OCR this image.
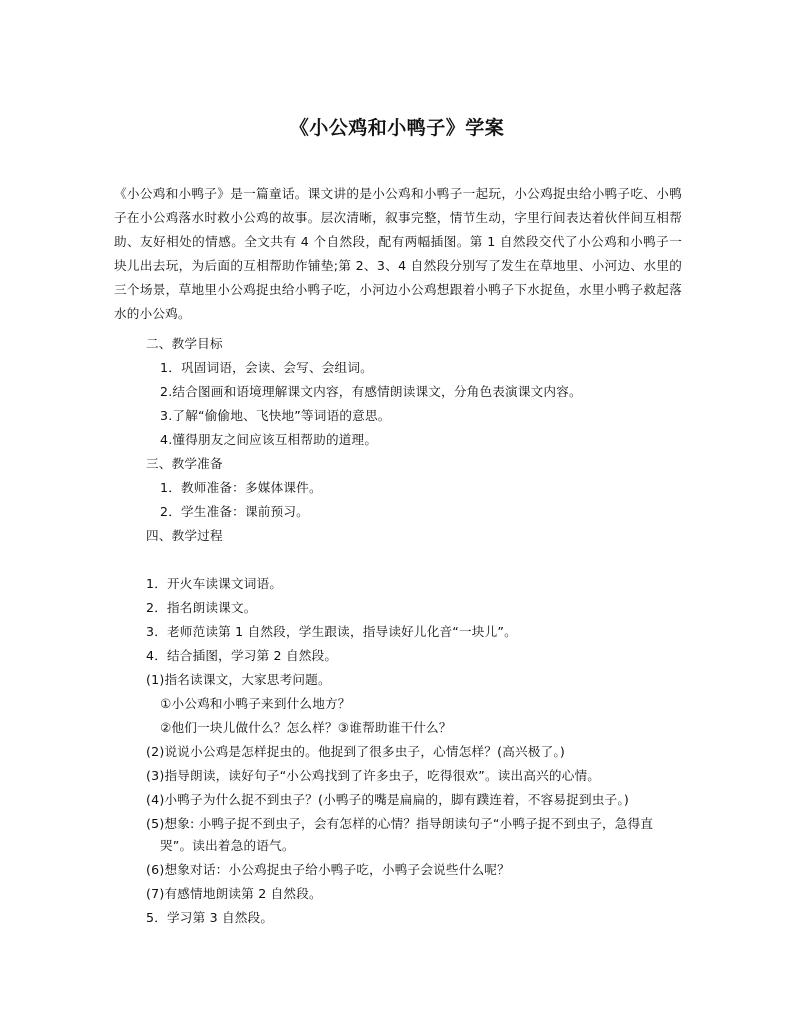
《小公鸡和小鸭子》学案
《小公鸡和小鸭子》是一篇童话。课文讲的是小公鸡和小鸭子一起玩，小公鸡捉虫给小鸭子吃、小鸭子在小公鸡落水时救小公鸡的故事。层次清晰，叙事完整，情节生动，字里行间表达着伙伴间互相帮助、友好相处的情感。全文共有 4 个自然段，配有两幅插图。第 1 自然段交代了小公鸡和小鸭子一块儿出去玩，为后面的互相帮助作铺垫;第 2、3、4 自然段分别写了发生在草地里、小河边、水里的三个场景，草地里小公鸡捉虫给小鸭子吃，小河边小公鸡想跟着小鸭子下水捉鱼，水里小鸭子救起落水的小公鸡。
二、教学目标
1．巩固词语，会读、会写、会组词。
2.结合图画和语境理解课文内容，有感情朗读课文，分角色表演课文内容。
3.了解“偷偷地、飞快地”等词语的意思。
4.懂得朋友之间应该互相帮助的道理。
三、教学准备
1．教师准备：多媒体课件。
2．学生准备：课前预习。
四、教学过程
1．开火车读课文词语。
2．指名朗读课文。
3．老师范读第 1 自然段，学生跟读，指导读好儿化音“一块儿”。
4．结合插图，学习第 2 自然段。
(1)指名读课文，大家思考问题。
①小公鸡和小鸭子来到什么地方？
②他们一块儿做什么？怎么样？③谁帮助谁干什么？
(2)说说小公鸡是怎样捉虫的。他捉到了很多虫子，心情怎样？(高兴极了。)
(3)指导朗读，读好句子“小公鸡找到了许多虫子，吃得很欢”。读出高兴的心情。
(4)小鸭子为什么捉不到虫子？(小鸭子的嘴是扁扁的，脚有蹼连着，不容易捉到虫子。)
(5)想象: 小鸭子捉不到虫子，会有怎样的心情？指导朗读句子“小鸭子捉不到虫子，急得直
哭”。读出着急的语气。
(6)想象对话：小公鸡捉虫子给小鸭子吃，小鸭子会说些什么呢？
(7)有感情地朗读第 2 自然段。
5．学习第 3 自然段。
